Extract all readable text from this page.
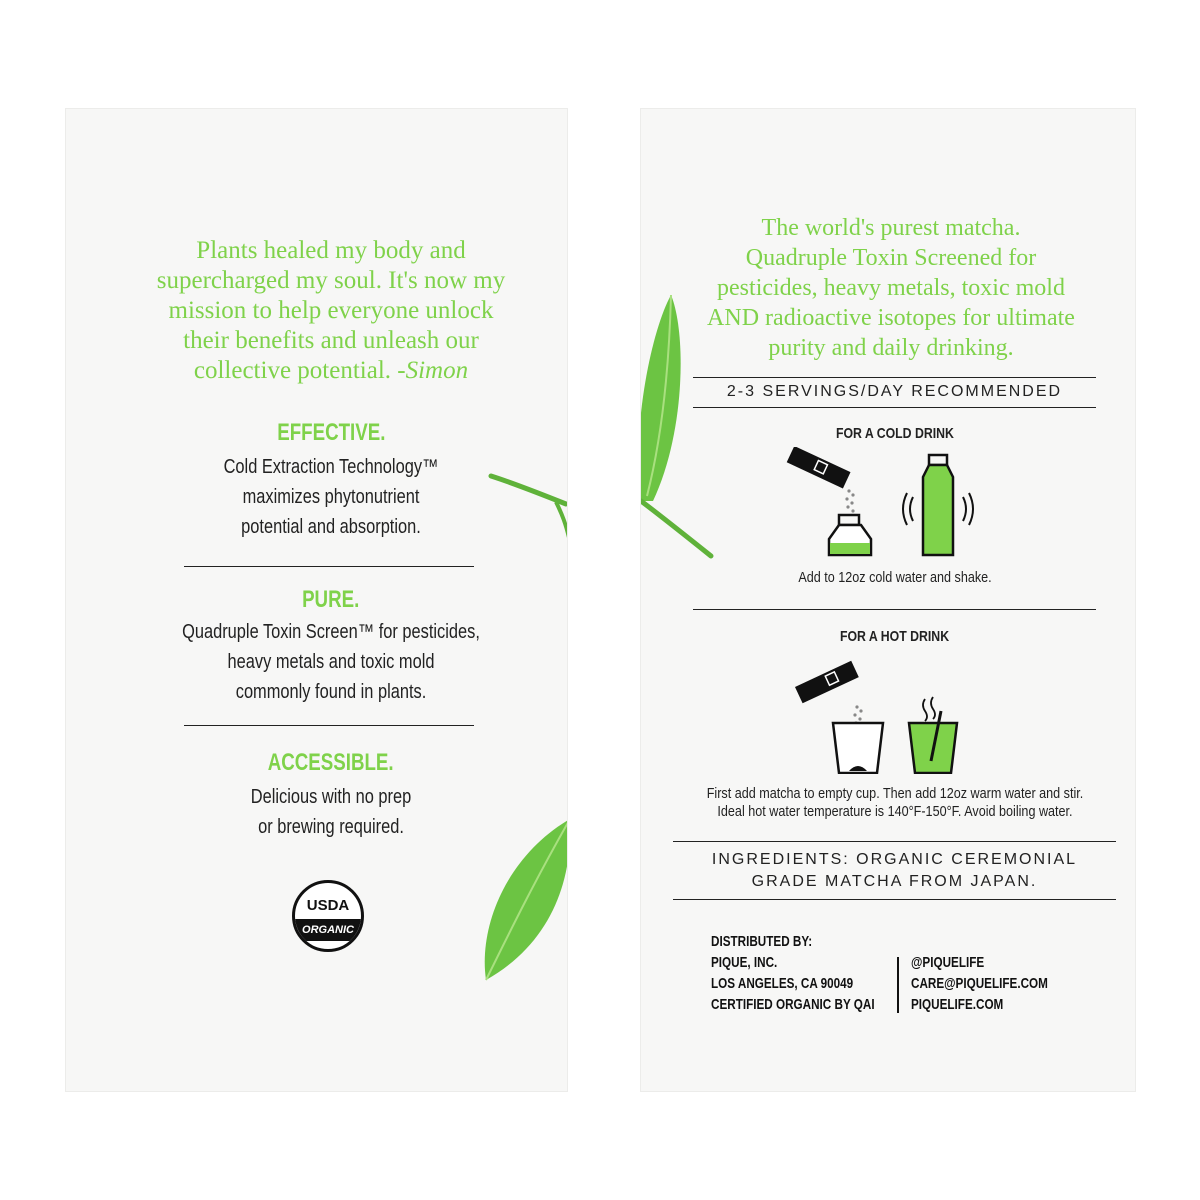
Plants healed my body and
supercharged my soul. It's now my
mission to help everyone unlock
their benefits and unleash our
collective potential. -Simon
EFFECTIVE.
Cold Extraction Technology™
maximizes phytonutrient
potential and absorption.
PURE.
Quadruple Toxin Screen™ for pesticides,
heavy metals and toxic mold
commonly found in plants.
ACCESSIBLE.
Delicious with no prep
or brewing required.
USDA
ORGANIC
The world's purest matcha.
Quadruple Toxin Screened for
pesticides, heavy metals, toxic mold
AND radioactive isotopes for ultimate
purity and daily drinking.
2-3 SERVINGS/DAY RECOMMENDED
FOR A COLD DRINK
Add to 12oz cold water and shake.
FOR A HOT DRINK
First add matcha to empty cup. Then add 12oz warm water and stir.
Ideal hot water temperature is 140°F-150°F. Avoid boiling water.
INGREDIENTS: ORGANIC CEREMONIAL
GRADE MATCHA FROM JAPAN.
DISTRIBUTED BY:
PIQUE, INC.
LOS ANGELES, CA 90049
CERTIFIED ORGANIC BY QAI
@PIQUELIFE
CARE@PIQUELIFE.COM
PIQUELIFE.COM
